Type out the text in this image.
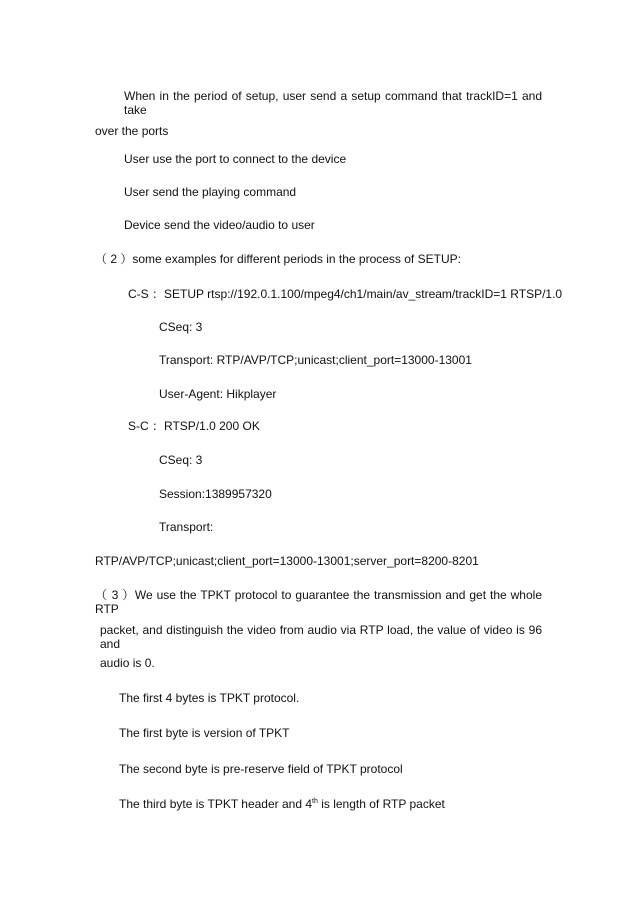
When in the period of setup, user send a setup command that trackID=1 and take
over the ports
User use the port to connect to the device
User send the playing command
Device send the video/audio to user
（ 2 ）some examples for different periods in the process of SETUP:
C-S ：SETUP rtsp://192.0.1.100/mpeg4/ch1/main/av_stream/trackID=1 RTSP/1.0
CSeq: 3
Transport: RTP/AVP/TCP;unicast;client_port=13000-13001
User-Agent: Hikplayer
S-C ：RTSP/1.0 200 OK
CSeq: 3
Session:1389957320
Transport:
RTP/AVP/TCP;unicast;client_port=13000-13001;server_port=8200-8201
（ 3 ）We use the TPKT protocol to guarantee the transmission and get the whole RTP
packet, and distinguish the video from audio via RTP load, the value of video is 96 and
audio is 0.
The first 4 bytes is TPKT protocol.
The first byte is version of TPKT
The second byte is pre-reserve field of TPKT protocol
The third byte is TPKT header and 4th is length of RTP packet
